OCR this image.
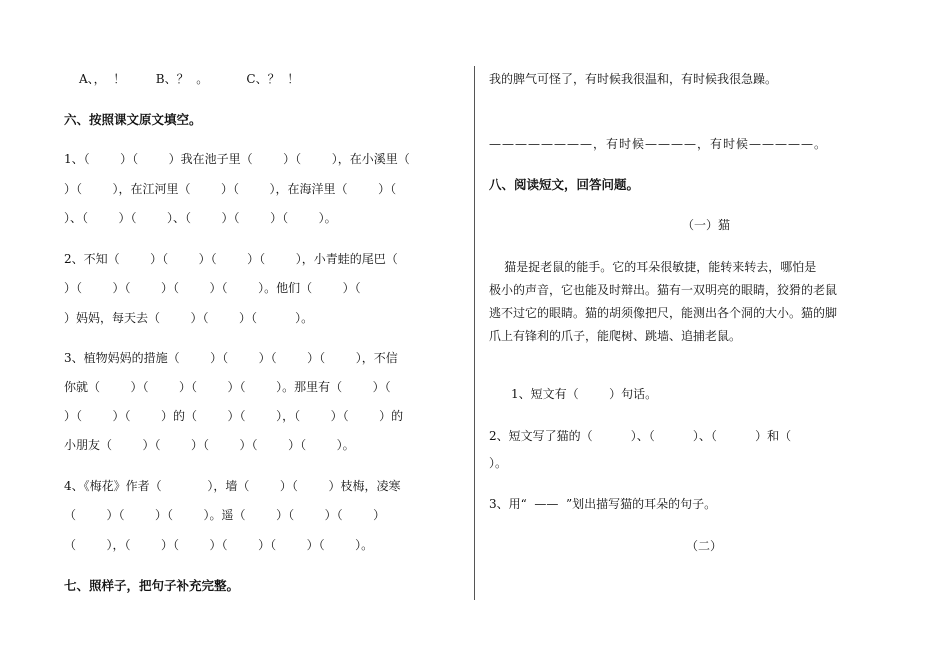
A、，  ！        B、？  。          C、？  ！
六、按照课文原文填空。
1、（        ）（        ）我在池子里（        ）（        ），在小溪里（
）（        ），在江河里（        ）（        ），在海洋里（        ）（
）、（        ）（        ）、（        ）（        ）（        ）。
2、不知（        ）（        ）（        ）（        ），小青蛙的尾巴（
）（        ）（        ）（        ）（        ）。他们（        ）（
）妈妈，每天去（        ）（        ）（          ）。
3、植物妈妈的措施（        ）（        ）（        ）（        ），不信
你就（        ）（        ）（        ）（        ）。那里有（        ）（
）（        ）（        ）的（        ）（        ），（        ）（        ）的
小朋友（        ）（        ）（        ）（        ）（        ）。
4、《梅花》作者（            ），墙（        ）（        ）枝梅，凌寒
（        ）（        ）（        ）。遥（        ）（        ）（        ）
（        ），（        ）（        ）（        ）（        ）（        ）。
七、照样子，把句子补充完整。
我的脾气可怪了，有时候我很温和，有时候我很急躁。
————————，有时候————，有时候—————。
八、阅读短文，回答问题。
（一）猫
猫是捉老鼠的能手。它的耳朵很敏捷，能转来转去，哪怕是
极小的声音，它也能及时辩出。猫有一双明亮的眼睛，狡猾的老鼠
逃不过它的眼睛。猫的胡须像把尺，能测出各个洞的大小。猫的脚
爪上有锋利的爪子，能爬树、跳墙、追捕老鼠。
1、短文有（        ）句话。
2、短文写了猫的（          ）、（          ）、（          ）和（
）。
3、用“  ——  ”划出描写猫的耳朵的句子。
（二）
